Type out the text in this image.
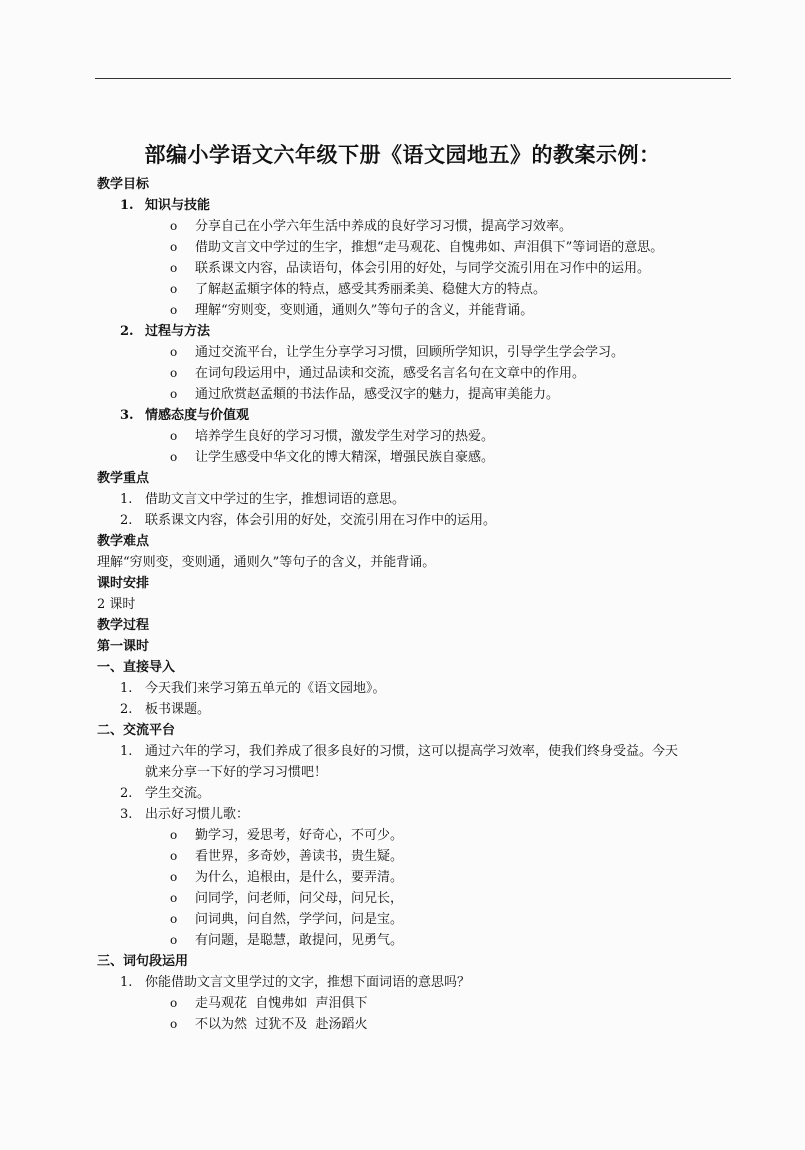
部编小学语文六年级下册《语文园地五》的教案示例：
教学目标
1. 知识与技能
o 分享自己在小学六年生活中养成的良好学习习惯，提高学习效率。
o 借助文言文中学过的生字，推想“走马观花、自愧弗如、声泪俱下”等词语的意思。
o 联系课文内容，品读语句，体会引用的好处，与同学交流引用在习作中的运用。
o 了解赵孟頫字体的特点，感受其秀丽柔美、稳健大方的特点。
o 理解“穷则变，变则通，通则久”等句子的含义，并能背诵。
2. 过程与方法
o 通过交流平台，让学生分享学习习惯，回顾所学知识，引导学生学会学习。
o 在词句段运用中，通过品读和交流，感受名言名句在文章中的作用。
o 通过欣赏赵孟頫的书法作品，感受汉字的魅力，提高审美能力。
3. 情感态度与价值观
o 培养学生良好的学习习惯，激发学生对学习的热爱。
o 让学生感受中华文化的博大精深，增强民族自豪感。
教学重点
1. 借助文言文中学过的生字，推想词语的意思。
2. 联系课文内容，体会引用的好处，交流引用在习作中的运用。
教学难点
理解“穷则变，变则通，通则久”等句子的含义，并能背诵。
课时安排
2 课时
教学过程
第一课时
一、直接导入
1. 今天我们来学习第五单元的《语文园地》。
2. 板书课题。
二、交流平台
1. 通过六年的学习，我们养成了很多良好的习惯，这可以提高学习效率，使我们终身受益。今天
就来分享一下好的学习习惯吧！
2. 学生交流。
3. 出示好习惯儿歌：
o 勤学习，爱思考，好奇心，不可少。
o 看世界，多奇妙，善读书，贵生疑。
o 为什么，追根由，是什么，要弄清。
o 问同学，问老师，问父母，问兄长，
o 问词典，问自然，学学问，问是宝。
o 有问题，是聪慧，敢提问，见勇气。
三、词句段运用
1. 你能借助文言文里学过的文字，推想下面词语的意思吗？
o 走马观花  自愧弗如  声泪俱下
o 不以为然  过犹不及  赴汤蹈火
